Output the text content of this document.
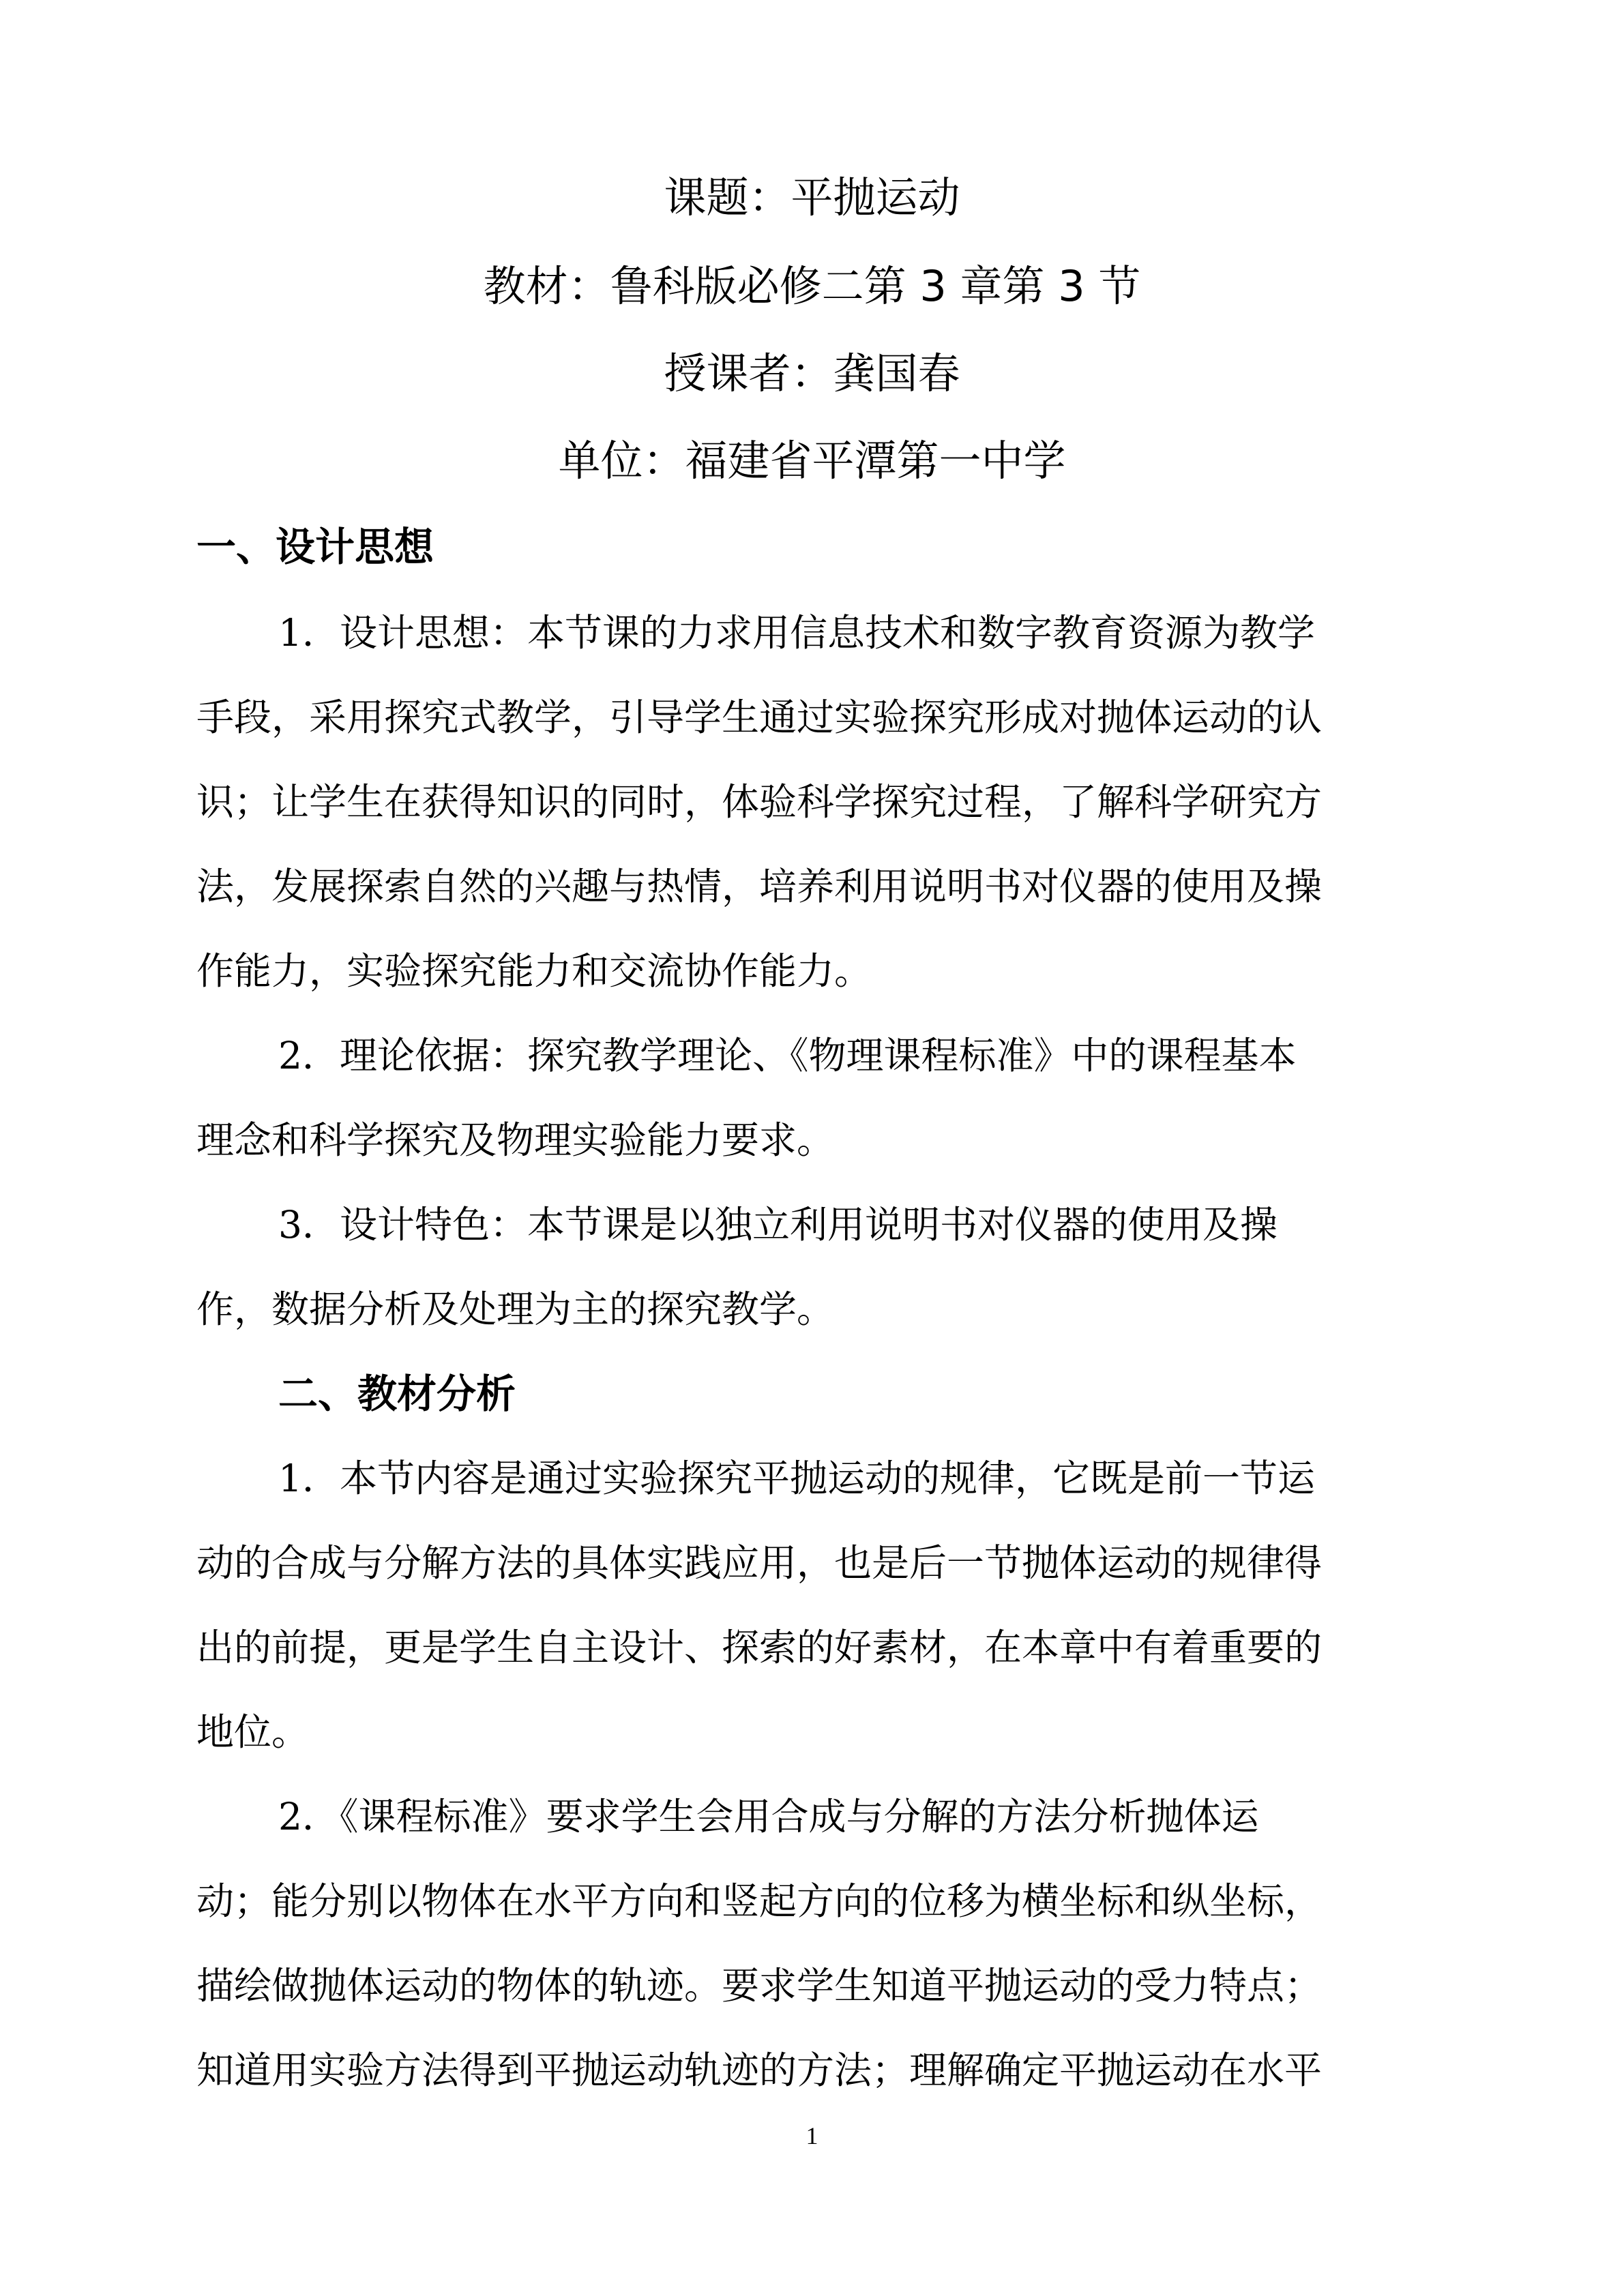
课题：平抛运动
教材：鲁科版必修二第 3 章第 3 节
授课者：龚国春
单位：福建省平潭第一中学
一、设计思想
1．设计思想：本节课的力求用信息技术和数字教育资源为教学
手段，采用探究式教学，引导学生通过实验探究形成对抛体运动的认
识；让学生在获得知识的同时，体验科学探究过程，了解科学研究方
法，发展探索自然的兴趣与热情，培养利用说明书对仪器的使用及操
作能力，实验探究能力和交流协作能力。
2．理论依据：探究教学理论、《物理课程标准》中的课程基本
理念和科学探究及物理实验能力要求。
3．设计特色：本节课是以独立利用说明书对仪器的使用及操
作，数据分析及处理为主的探究教学。
二、教材分析
1．本节内容是通过实验探究平抛运动的规律，它既是前一节运
动的合成与分解方法的具体实践应用，也是后一节抛体运动的规律得
出的前提，更是学生自主设计、探索的好素材，在本章中有着重要的
地位。
2．《课程标准》要求学生会用合成与分解的方法分析抛体运
动；能分别以物体在水平方向和竖起方向的位移为横坐标和纵坐标，
描绘做抛体运动的物体的轨迹。要求学生知道平抛运动的受力特点；
知道用实验方法得到平抛运动轨迹的方法；理解确定平抛运动在水平
1
